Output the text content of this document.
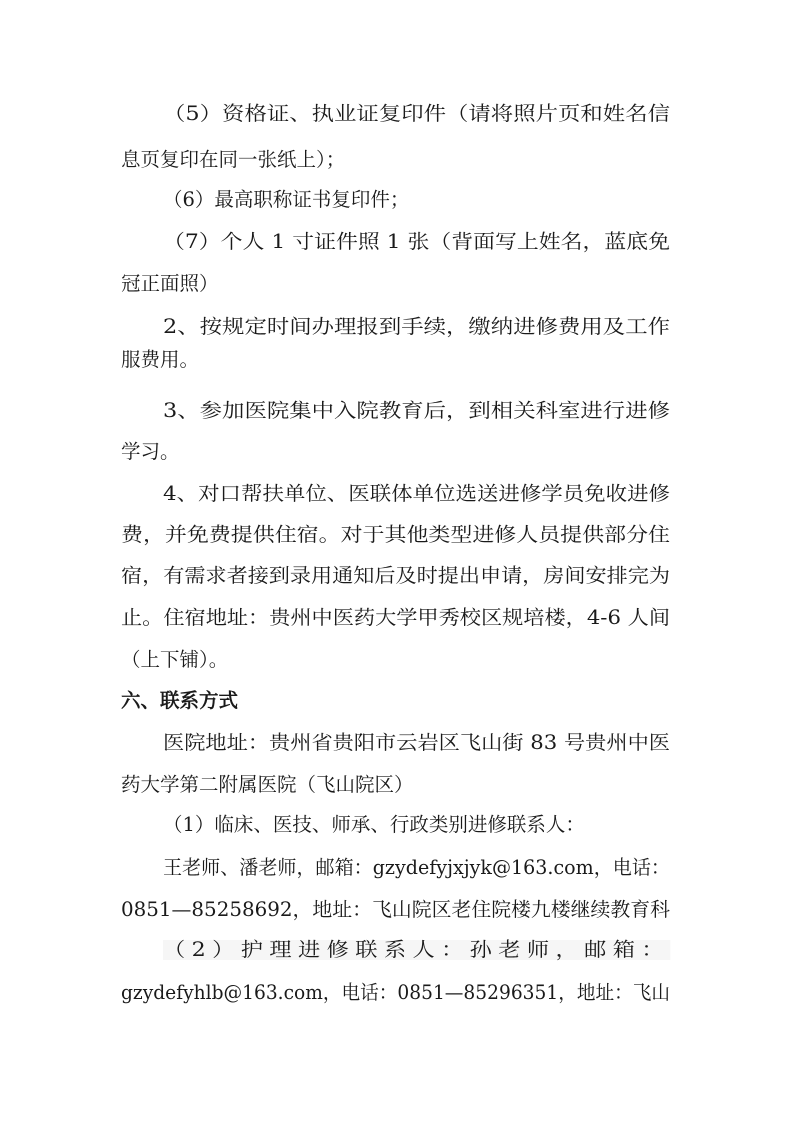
（5）资格证、执业证复印件（请将照片页和姓名信
息页复印在同一张纸上）；
（6）最高职称证书复印件；
（7）个人 1 寸证件照 1 张（背面写上姓名，蓝底免
冠正面照）
2、按规定时间办理报到手续，缴纳进修费用及工作
服费用。
3、参加医院集中入院教育后，到相关科室进行进修
学习。
4、对口帮扶单位、医联体单位选送进修学员免收进修
费，并免费提供住宿。对于其他类型进修人员提供部分住
宿，有需求者接到录用通知后及时提出申请，房间安排完为
止。住宿地址：贵州中医药大学甲秀校区规培楼，4-6 人间
（上下铺）。
六、联系方式
医院地址：贵州省贵阳市云岩区飞山街 83 号贵州中医
药大学第二附属医院（飞山院区）
（1）临床、医技、师承、行政类别进修联系人：
王老师、潘老师，邮箱：gzydefyjxjyk@163.com，电话：
0851—85258692，地址：飞山院区老住院楼九楼继续教育科
（2）护理进修联系人：孙老师，邮箱：
gzydefyhlb@163.com，电话：0851—85296351，地址：飞山
